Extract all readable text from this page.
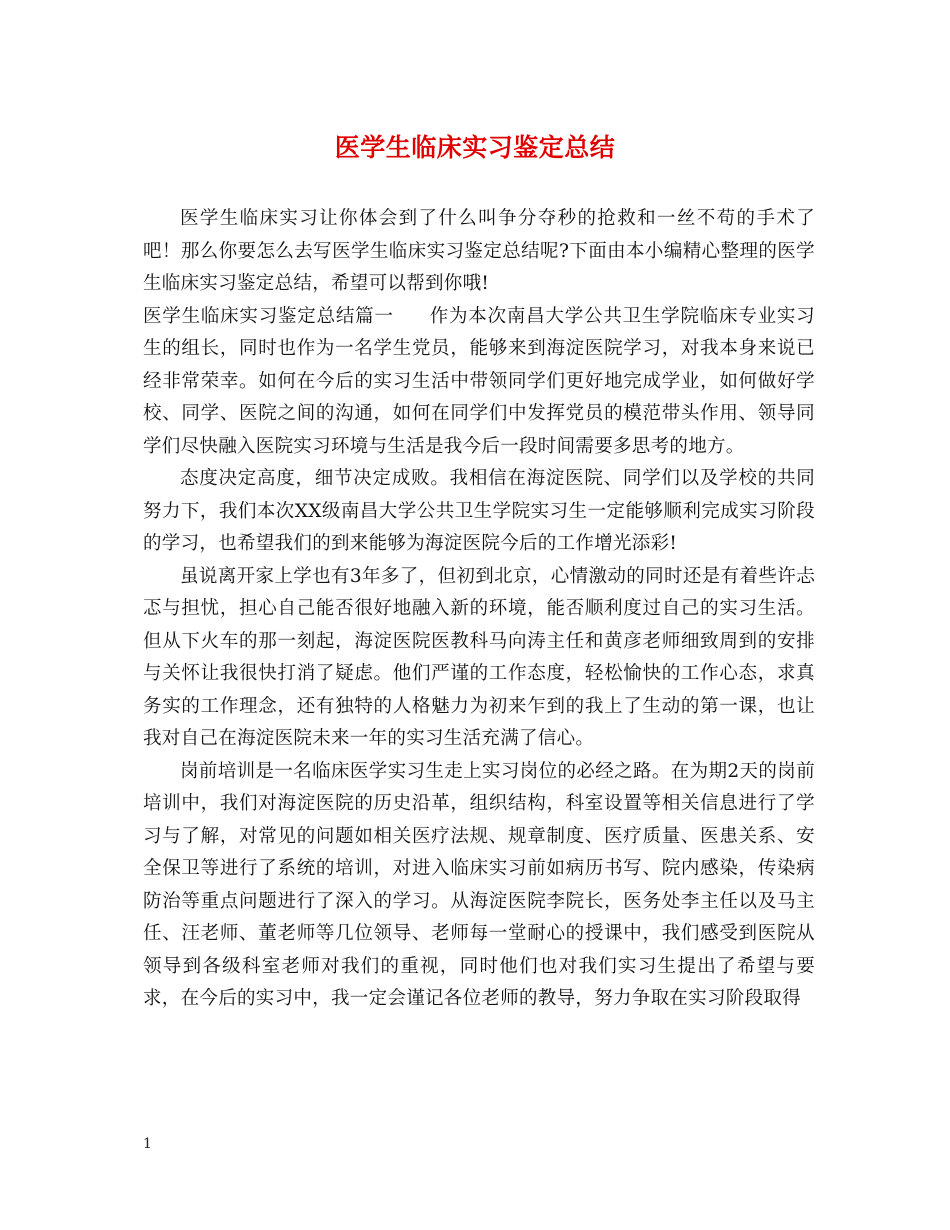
医学生临床实习鉴定总结

医学生临床实习让你体会到了什么叫争分夺秒的抢救和一丝不苟的手术了吧！那么你要怎么去写医学生临床实习鉴定总结呢?下面由本小编精心整理的医学生临床实习鉴定总结，希望可以帮到你哦!

医学生临床实习鉴定总结篇一 作为本次南昌大学公共卫生学院临床专业实习生的组长，同时也作为一名学生党员，能够来到海淀医院学习，对我本身来说已经非常荣幸。如何在今后的实习生活中带领同学们更好地完成学业，如何做好学校、同学、医院之间的沟通，如何在同学们中发挥党员的模范带头作用、领导同学们尽快融入医院实习环境与生活是我今后一段时间需要多思考的地方。

态度决定高度，细节决定成败。我相信在海淀医院、同学们以及学校的共同努力下，我们本次XX级南昌大学公共卫生学院实习生一定能够顺利完成实习阶段的学习，也希望我们的到来能够为海淀医院今后的工作增光添彩!

虽说离开家上学也有3年多了，但初到北京，心情激动的同时还是有着些许忐忑与担忧，担心自己能否很好地融入新的环境，能否顺利度过自己的实习生活。但从下火车的那一刻起，海淀医院医教科马向涛主任和黄彦老师细致周到的安排与关怀让我很快打消了疑虑。他们严谨的工作态度，轻松愉快的工作心态，求真务实的工作理念，还有独特的人格魅力为初来乍到的我上了生动的第一课，也让我对自己在海淀医院未来一年的实习生活充满了信心。

岗前培训是一名临床医学实习生走上实习岗位的必经之路。在为期2天的岗前培训中，我们对海淀医院的历史沿革，组织结构，科室设置等相关信息进行了学习与了解，对常见的问题如相关医疗法规、规章制度、医疗质量、医患关系、安全保卫等进行了系统的培训，对进入临床实习前如病历书写、院内感染，传染病防治等重点问题进行了深入的学习。从海淀医院李院长，医务处李主任以及马主任、汪老师、董老师等几位领导、老师每一堂耐心的授课中，我们感受到医院从领导到各级科室老师对我们的重视，同时他们也对我们实习生提出了希望与要求，在今后的实习中，我一定会谨记各位老师的教导，努力争取在实习阶段取得

1
